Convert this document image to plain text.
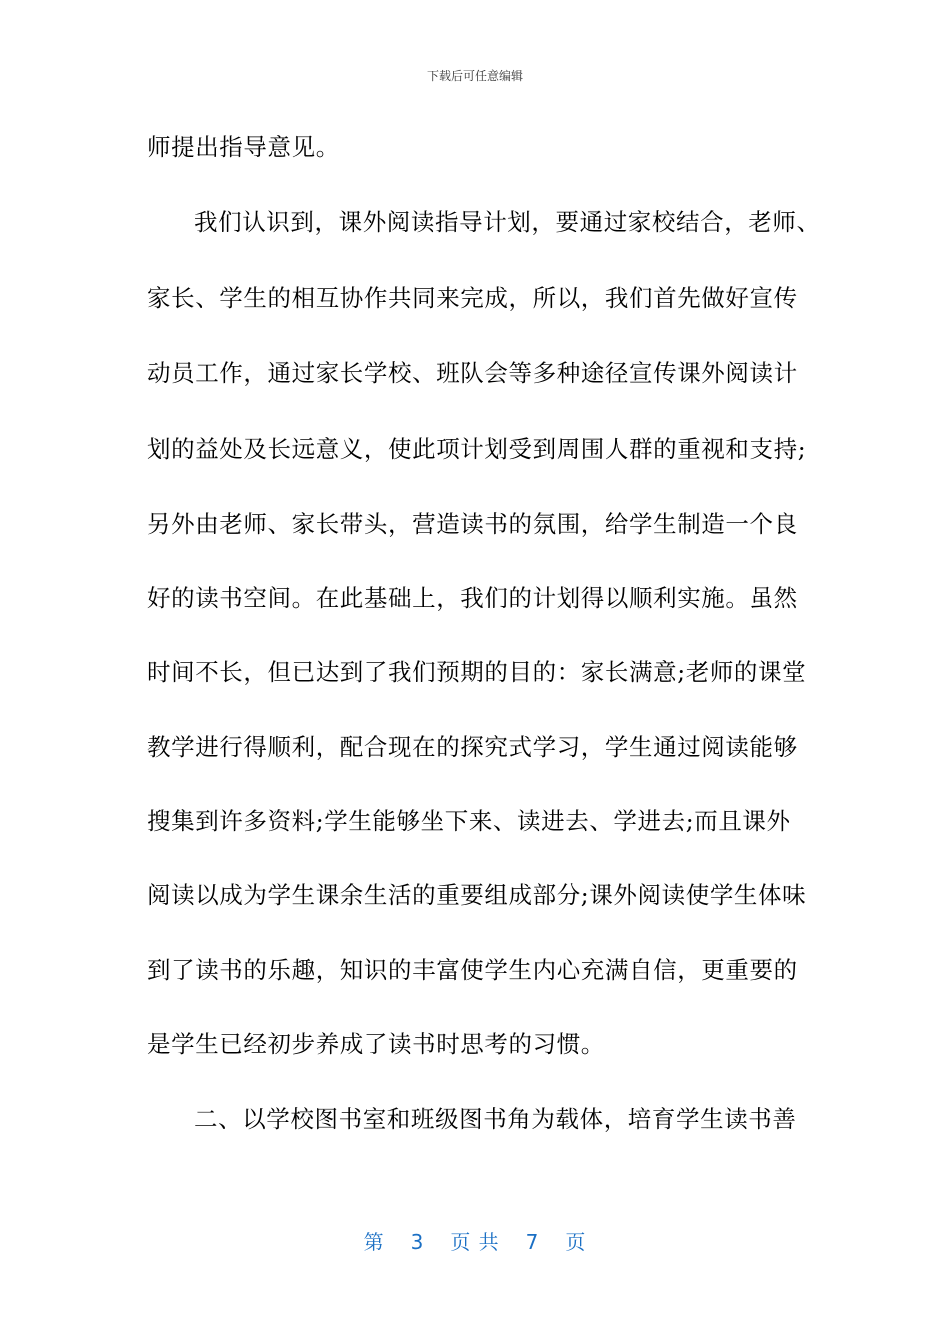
下载后可任意编辑
师提出指导意见。
我们认识到，课外阅读指导计划，要通过家校结合，老师、
家长、学生的相互协作共同来完成，所以，我们首先做好宣传
动员工作，通过家长学校、班队会等多种途径宣传课外阅读计
划的益处及长远意义，使此项计划受到周围人群的重视和支持;
另外由老师、家长带头，营造读书的氛围，给学生制造一个良
好的读书空间。在此基础上，我们的计划得以顺利实施。虽然
时间不长，但已达到了我们预期的目的：家长满意;老师的课堂
教学进行得顺利，配合现在的探究式学习，学生通过阅读能够
搜集到许多资料;学生能够坐下来、读进去、学进去;而且课外
阅读以成为学生课余生活的重要组成部分;课外阅读使学生体味
到了读书的乐趣，知识的丰富使学生内心充满自信，更重要的
是学生已经初步养成了读书时思考的习惯。
二、以学校图书室和班级图书角为载体，培育学生读书善
第 3 页 共 7 页
